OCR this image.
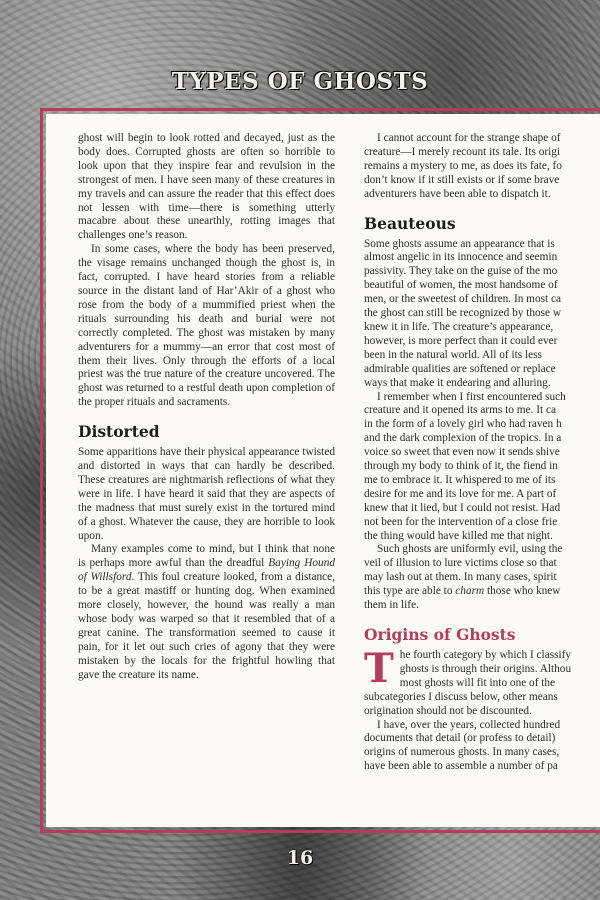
TYPES OF GHOSTS

ghost will begin to look rotted and decayed, just as the body does. Corrupted ghosts are often so horrible to look upon that they inspire fear and revulsion in the strongest of men. I have seen many of these creatures in my travels and can assure the reader that this effect does not lessen with time—there is something utterly macabre about these unearthly, rotting images that challenges one’s reason.

In some cases, where the body has been preserved, the visage remains unchanged though the ghost is, in fact, corrupted. I have heard stories from a reliable source in the distant land of Har’Akir of a ghost who rose from the body of a mummified priest when the rituals surrounding his death and burial were not correctly completed. The ghost was mistaken by many adventurers for a mummy—an error that cost most of them their lives. Only through the efforts of a local priest was the true nature of the creature uncovered. The ghost was returned to a restful death upon completion of the proper rituals and sacraments.

Distorted

Some apparitions have their physical appearance twisted and distorted in ways that can hardly be described. These creatures are nightmarish reflections of what they were in life. I have heard it said that they are aspects of the madness that must surely exist in the tortured mind of a ghost. Whatever the cause, they are horrible to look upon.

Many examples come to mind, but I think that none is perhaps more awful than the dreadful Baying Hound of Willsford. This foul creature looked, from a distance, to be a great mastiff or hunting dog. When examined more closely, however, the hound was really a man whose body was warped so that it resembled that of a great canine. The transformation seemed to cause it pain, for it let out such cries of agony that they were mistaken by the locals for the frightful howling that gave the creature its name.

I cannot account for the strange shape of

creature—I merely recount its tale. Its origi

remains a mystery to me, as does its fate, fo

don’t know if it still exists or if some brave

adventurers have been able to dispatch it.

Beauteous

Some ghosts assume an appearance that is

almost angelic in its innocence and seemin

passivity. They take on the guise of the mo

beautiful of women, the most handsome of

men, or the sweetest of children. In most ca

the ghost can still be recognized by those w

knew it in life. The creature’s appearance,

however, is more perfect than it could ever

been in the natural world. All of its less

admirable qualities are softened or replace

ways that make it endearing and alluring.

I remember when I first encountered such

creature and it opened its arms to me. It ca

in the form of a lovely girl who had raven h

and the dark complexion of the tropics. In a

voice so sweet that even now it sends shive

through my body to think of it, the fiend in

me to embrace it. It whispered to me of its

desire for me and its love for me. A part of

knew that it lied, but I could not resist. Had

not been for the intervention of a close frie

the thing would have killed me that night.

Such ghosts are uniformly evil, using the

veil of illusion to lure victims close so that

may lash out at them. In many cases, spirit

this type are able to charm those who knew

them in life.

Origins of Ghosts
T he fourth category by which I classify

ghosts is through their origins. Althou

most ghosts will fit into one of the

subcategories I discuss below, other means

origination should not be discounted.

I have, over the years, collected hundred

documents that detail (or profess to detail)

origins of numerous ghosts. In many cases,

have been able to assemble a number of pa

16
